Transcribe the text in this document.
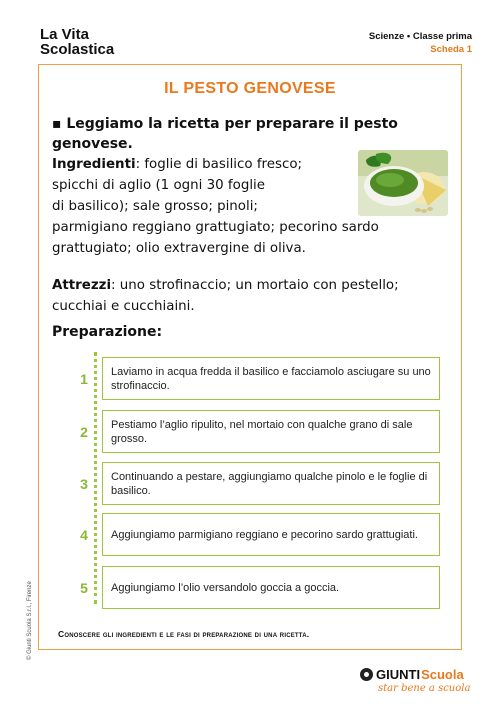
La Vita
Scolastica
Scienze • Classe prima
Scheda 1
IL PESTO GENOVESE
▪ Leggiamo la ricetta per preparare il pesto genovese.
Ingredienti: foglie di basilico fresco;
spicchi di aglio (1 ogni 30 foglie
di basilico); sale grosso; pinoli;
parmigiano reggiano grattugiato; pecorino sardo
grattugiato; olio extravergine di oliva.
Attrezzi: uno strofinaccio; un mortaio con pestello;
cucchiai e cucchiaini.
Preparazione:
1	Laviamo in acqua fredda il basilico e facciamolo asciugare su uno strofinaccio.
2	Pestiamo l’aglio ripulito, nel mortaio con qualche grano di sale grosso.
3	Continuando a pestare, aggiungiamo qualche pinolo e le foglie di basilico.
4	Aggiungiamo parmigiano reggiano e pecorino sardo grattugiati.
5	Aggiungiamo l’olio versandolo goccia a goccia.
Conoscere gli ingredienti e le fasi di preparazione di una ricetta.
© Giunti Scuola S.r.l., Firenze
GIUNTI Scuola
star bene a scuola
